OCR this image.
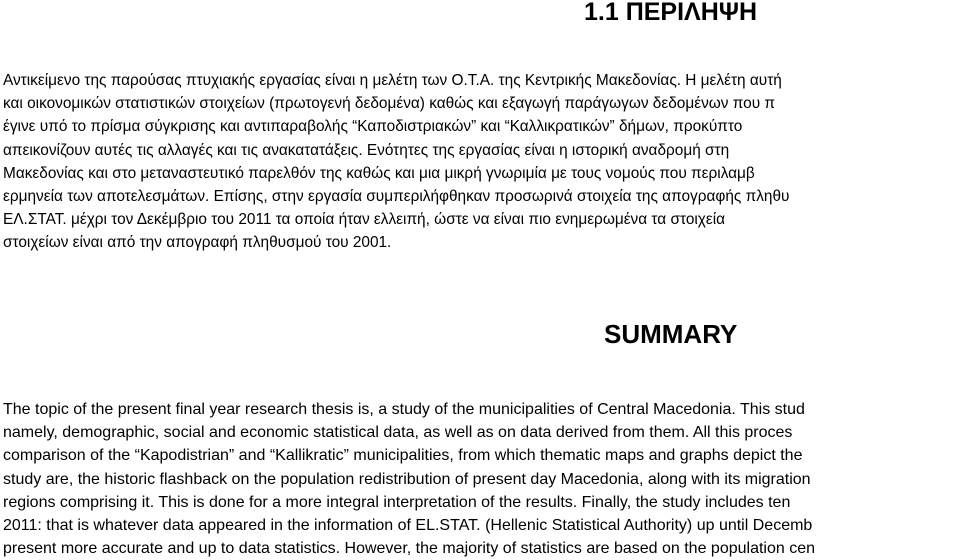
1.1 ΠΕΡΙΛΗΨΗ
Αντικείμενο της παρούσας πτυχιακής εργασίας είναι η μελέτη των Ο.Τ.Α. της Κεντρικής Μακεδονίας. Η μελέτη αυτή
και οικονομικών στατιστικών στοιχείων (πρωτογενή δεδομένα) καθώς και εξαγωγή παράγωγων δεδομένων που π
έγινε υπό το πρίσμα σύγκρισης και αντιπαραβολής “Καποδιστριακών” και “Καλλικρατικών” δήμων, προκύπτο
απεικονίζουν αυτές τις αλλαγές και τις ανακατατάξεις. Ενότητες της εργασίας είναι η ιστορική αναδρομή στη
Μακεδονίας και στο μεταναστευτικό παρελθόν της καθώς και μια μικρή γνωριμία με τους νομούς που περιλαμβ
ερμηνεία των αποτελεσμάτων. Επίσης, στην εργασία συμπεριλήφθηκαν προσωρινά στοιχεία της απογραφής πληθυ
ΕΛ.ΣΤΑΤ. μέχρι τον Δεκέμβριο του 2011 τα οποία ήταν ελλειπή, ώστε να είναι πιο ενημερωμένα τα στοιχεία
στοιχείων είναι από την απογραφή πληθυσμού του 2001.
SUMMARY
The topic of the present final year research thesis is, a study of the municipalities of Central Macedonia. This stud
namely, demographic, social and economic statistical data, as well as on data derived from them. All this proces
comparison of the “Kapodistrian” and “Kallikratic” municipalities, from which thematic maps and graphs depict the
study are, the historic flashback on the population redistribution of present day Macedonia, along with its migration
regions comprising it. This is done for a more integral interpretation of the results. Finally, the study includes ten
2011: that is whatever data appeared in the information of EL.STAT. (Hellenic Statistical Authority) up until Decemb
present more accurate and up to data statistics. However, the majority of statistics are based on the population cen
